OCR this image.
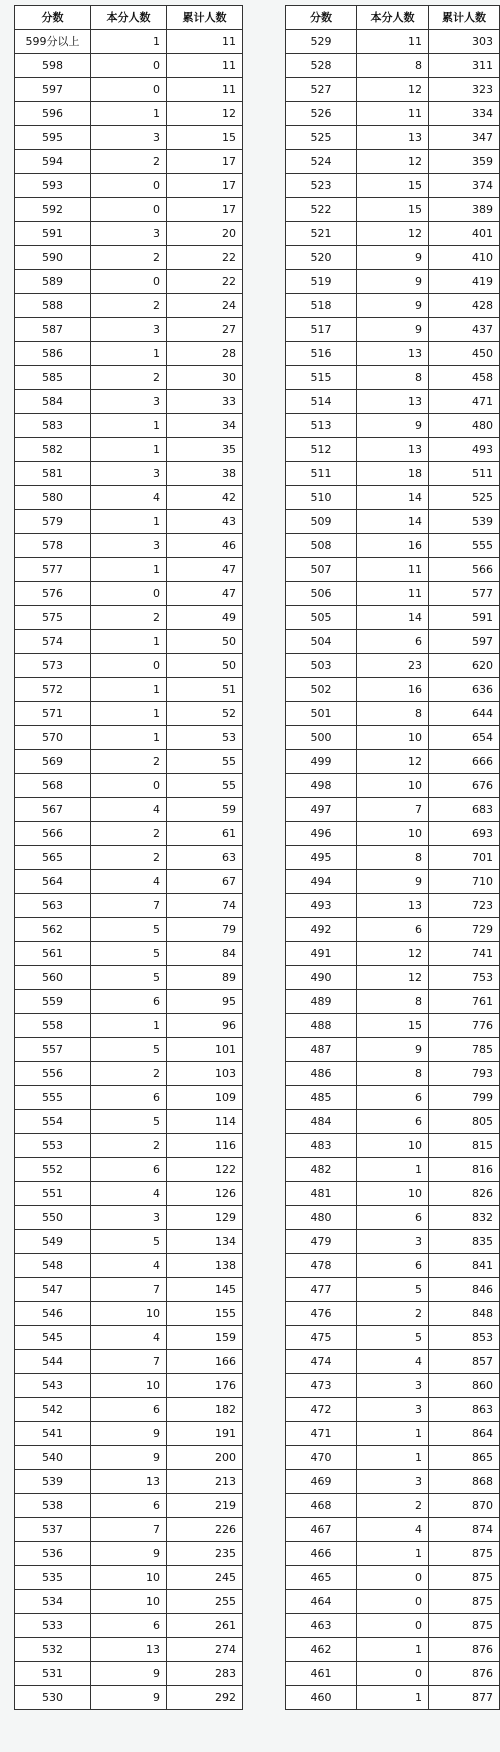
分数	本分人数	累计人数
599分以上	1	11
598	0	11
597	0	11
596	1	12
595	3	15
594	2	17
593	0	17
592	0	17
591	3	20
590	2	22
589	0	22
588	2	24
587	3	27
586	1	28
585	2	30
584	3	33
583	1	34
582	1	35
581	3	38
580	4	42
579	1	43
578	3	46
577	1	47
576	0	47
575	2	49
574	1	50
573	0	50
572	1	51
571	1	52
570	1	53
569	2	55
568	0	55
567	4	59
566	2	61
565	2	63
564	4	67
563	7	74
562	5	79
561	5	84
560	5	89
559	6	95
558	1	96
557	5	101
556	2	103
555	6	109
554	5	114
553	2	116
552	6	122
551	4	126
550	3	129
549	5	134
548	4	138
547	7	145
546	10	155
545	4	159
544	7	166
543	10	176
542	6	182
541	9	191
540	9	200
539	13	213
538	6	219
537	7	226
536	9	235
535	10	245
534	10	255
533	6	261
532	13	274
531	9	283
530	9	292
分数	本分人数	累计人数
529	11	303
528	8	311
527	12	323
526	11	334
525	13	347
524	12	359
523	15	374
522	15	389
521	12	401
520	9	410
519	9	419
518	9	428
517	9	437
516	13	450
515	8	458
514	13	471
513	9	480
512	13	493
511	18	511
510	14	525
509	14	539
508	16	555
507	11	566
506	11	577
505	14	591
504	6	597
503	23	620
502	16	636
501	8	644
500	10	654
499	12	666
498	10	676
497	7	683
496	10	693
495	8	701
494	9	710
493	13	723
492	6	729
491	12	741
490	12	753
489	8	761
488	15	776
487	9	785
486	8	793
485	6	799
484	6	805
483	10	815
482	1	816
481	10	826
480	6	832
479	3	835
478	6	841
477	5	846
476	2	848
475	5	853
474	4	857
473	3	860
472	3	863
471	1	864
470	1	865
469	3	868
468	2	870
467	4	874
466	1	875
465	0	875
464	0	875
463	0	875
462	1	876
461	0	876
460	1	877
